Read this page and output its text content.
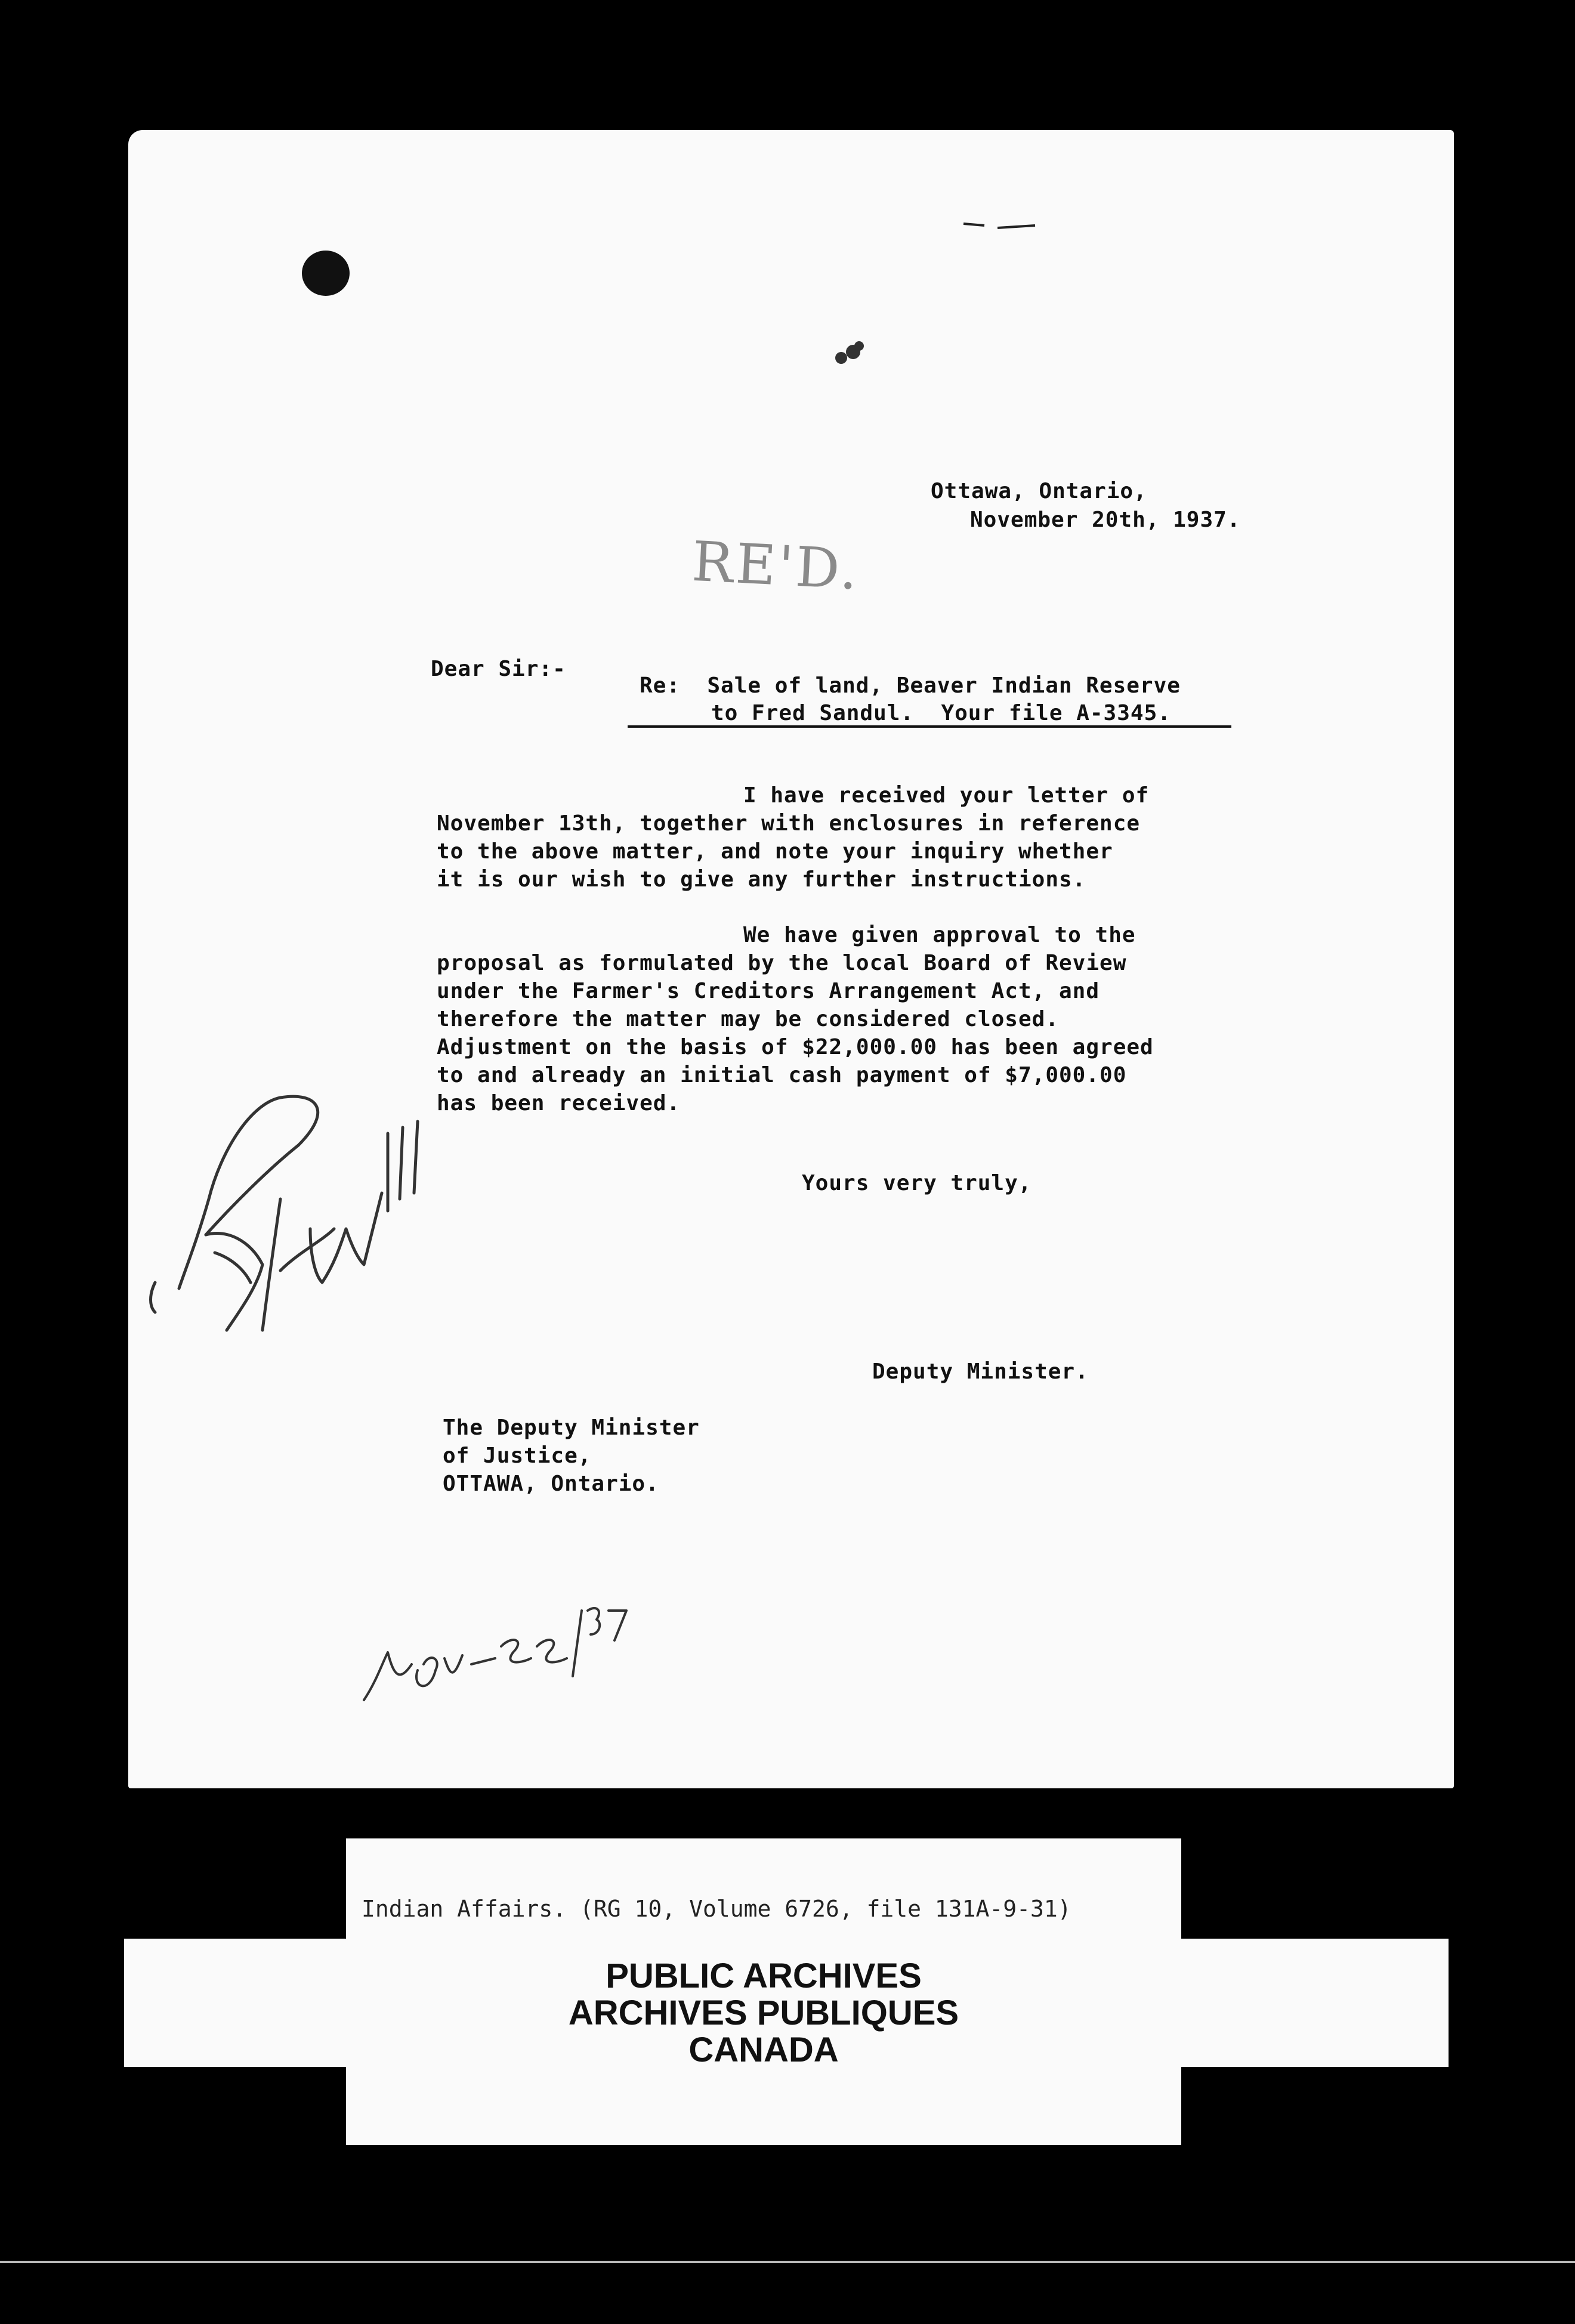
Ottawa, Ontario,
November 20th, 1937.
RE'D.
Dear Sir:-
Re:  Sale of land, Beaver Indian Reserve
to Fred Sandul.  Your file A-3345.
I have received your letter of
November 13th, together with enclosures in reference
to the above matter, and note your inquiry whether
it is our wish to give any further instructions.
We have given approval to the
proposal as formulated by the local Board of Review
under the Farmer's Creditors Arrangement Act, and
therefore the matter may be considered closed.
Adjustment on the basis of $22,000.00 has been agreed
to and already an initial cash payment of $7,000.00
has been received.
Yours very truly,
Deputy Minister.
The Deputy Minister
of Justice,
OTTAWA, Ontario.
Indian Affairs. (RG 10, Volume 6726, file 131A-9-31)
PUBLIC ARCHIVES
ARCHIVES PUBLIQUES
CANADA
